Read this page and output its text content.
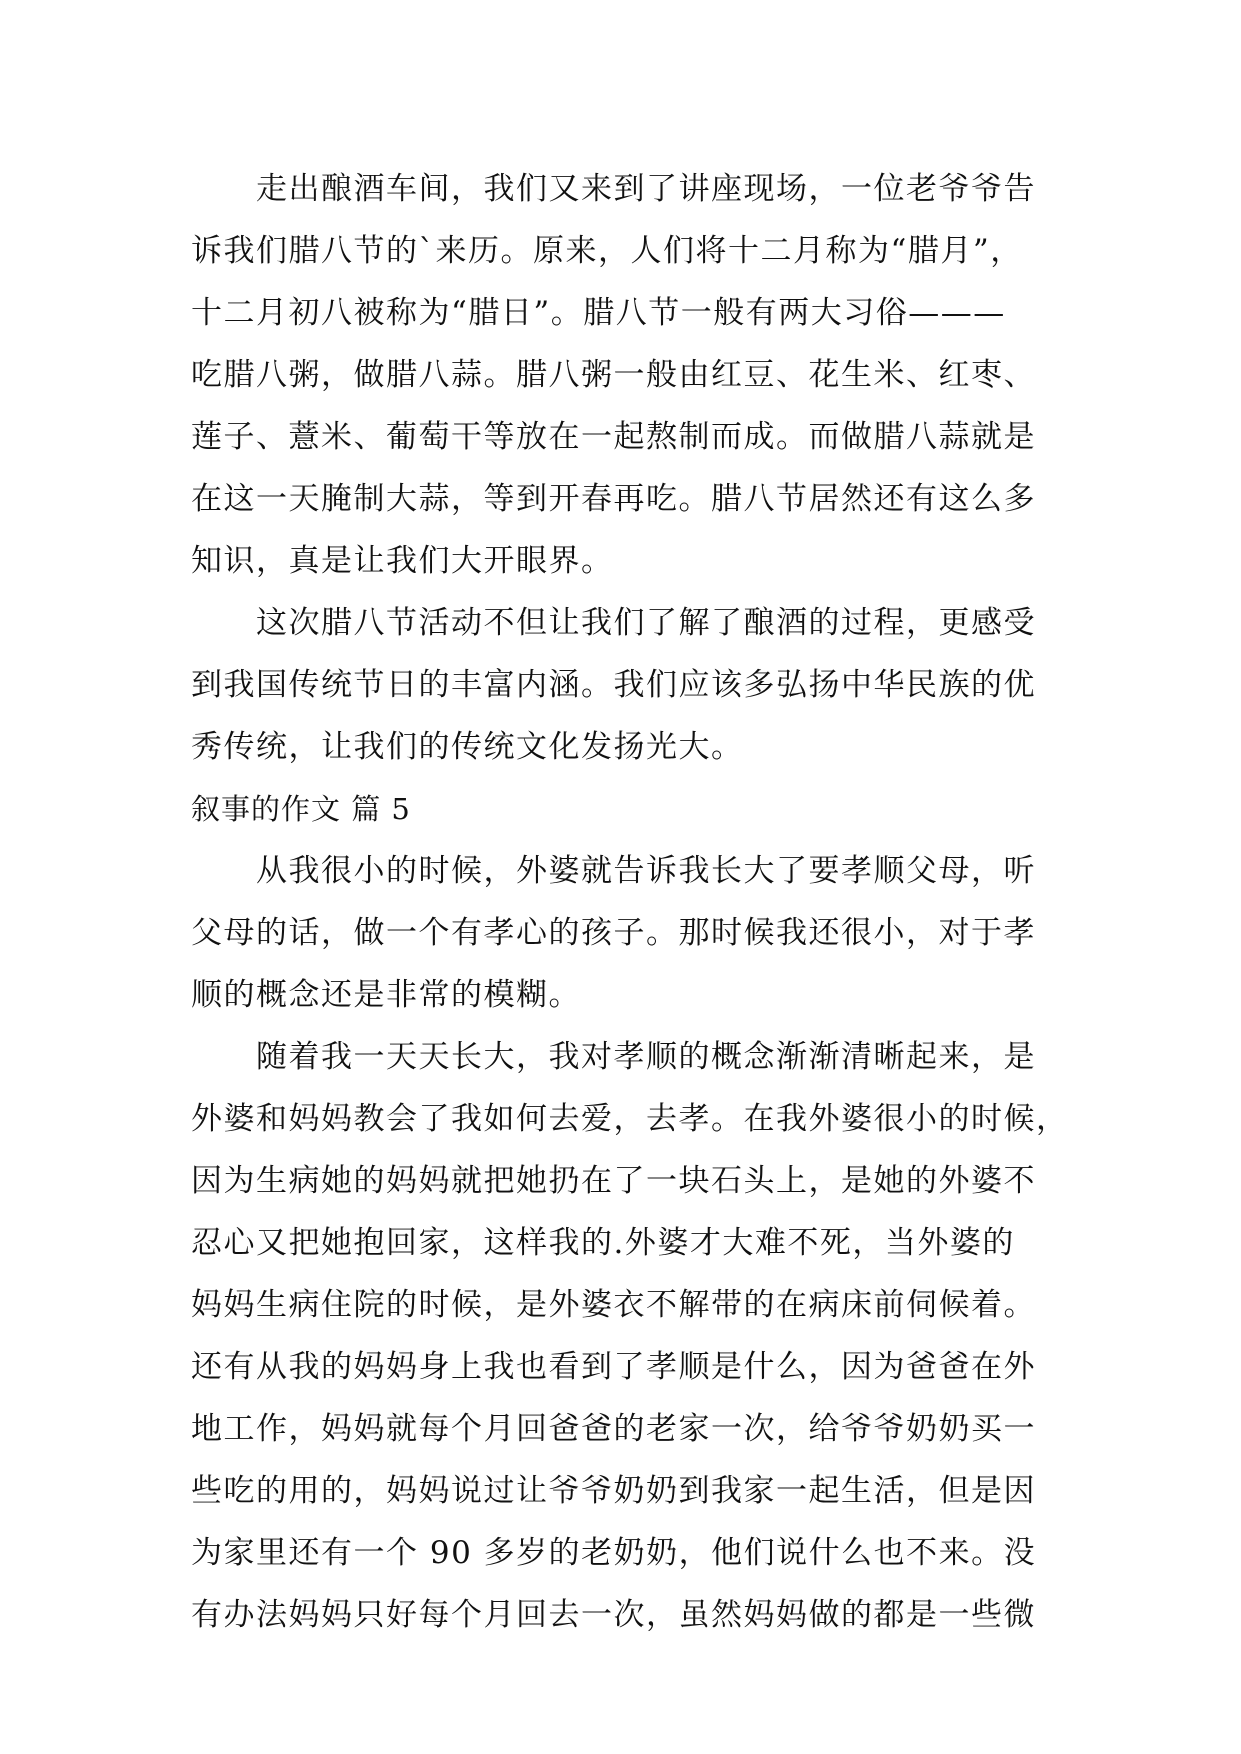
　　走出酿酒车间，我们又来到了讲座现场，一位老爷爷告
诉我们腊八节的`来历。原来，人们将十二月称为“腊月”，
十二月初八被称为“腊日”。腊八节一般有两大习俗———
吃腊八粥，做腊八蒜。腊八粥一般由红豆、花生米、红枣、
莲子、薏米、葡萄干等放在一起熬制而成。而做腊八蒜就是
在这一天腌制大蒜，等到开春再吃。腊八节居然还有这么多
知识，真是让我们大开眼界。
　　这次腊八节活动不但让我们了解了酿酒的过程，更感受
到我国传统节日的丰富内涵。我们应该多弘扬中华民族的优
秀传统，让我们的传统文化发扬光大。
叙事的作文 篇 5
　　从我很小的时候，外婆就告诉我长大了要孝顺父母，听
父母的话，做一个有孝心的孩子。那时候我还很小，对于孝
顺的概念还是非常的模糊。
　　随着我一天天长大，我对孝顺的概念渐渐清晰起来，是
外婆和妈妈教会了我如何去爱，去孝。在我外婆很小的时候，
因为生病她的妈妈就把她扔在了一块石头上，是她的外婆不
忍心又把她抱回家，这样我的.外婆才大难不死，当外婆的
妈妈生病住院的时候，是外婆衣不解带的在病床前伺候着。
还有从我的妈妈身上我也看到了孝顺是什么，因为爸爸在外
地工作，妈妈就每个月回爸爸的老家一次，给爷爷奶奶买一
些吃的用的，妈妈说过让爷爷奶奶到我家一起生活，但是因
为家里还有一个 90 多岁的老奶奶，他们说什么也不来。没
有办法妈妈只好每个月回去一次，虽然妈妈做的都是一些微
